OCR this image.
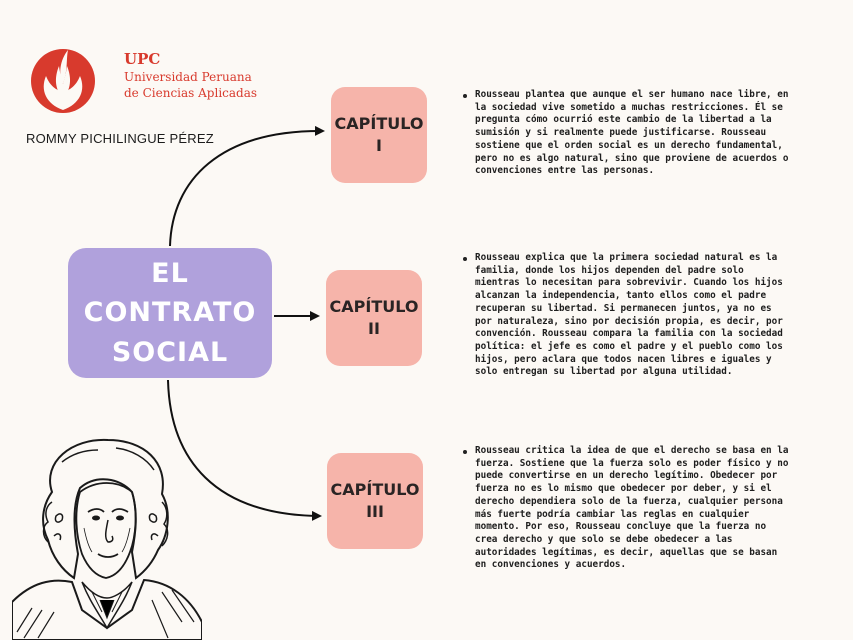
UPC
Universidad Peruana
de Ciencias Aplicadas
ROMMY PICHILINGUE PÉREZ
EL CONTRATO
SOCIAL
CAPÍTULO
I
CAPÍTULO
II
CAPÍTULO
III

Rousseau plantea que aunque el ser humano nace libre, en la sociedad vive sometido a muchas restricciones. Él se pregunta cómo ocurrió este cambio de la libertad a la sumisión y si realmente puede justificarse. Rousseau sostiene que el orden social es un derecho fundamental, pero no es algo natural, sino que proviene de acuerdos o convenciones entre las personas.

Rousseau explica que la primera sociedad natural es la familia, donde los hijos dependen del padre solo mientras lo necesitan para sobrevivir. Cuando los hijos alcanzan la independencia, tanto ellos como el padre recuperan su libertad. Si permanecen juntos, ya no es por naturaleza, sino por decisión propia, es decir, por convención. Rousseau compara la familia con la sociedad política: el jefe es como el padre y el pueblo como los hijos, pero aclara que todos nacen libres e iguales y solo entregan su libertad por alguna utilidad.

Rousseau critica la idea de que el derecho se basa en la fuerza. Sostiene que la fuerza solo es poder físico y no puede convertirse en un derecho legítimo. Obedecer por fuerza no es lo mismo que obedecer por deber, y si el derecho dependiera solo de la fuerza, cualquier persona más fuerte podría cambiar las reglas en cualquier momento. Por eso, Rousseau concluye que la fuerza no crea derecho y que solo se debe obedecer a las autoridades legítimas, es decir, aquellas que se basan en convenciones y acuerdos.
